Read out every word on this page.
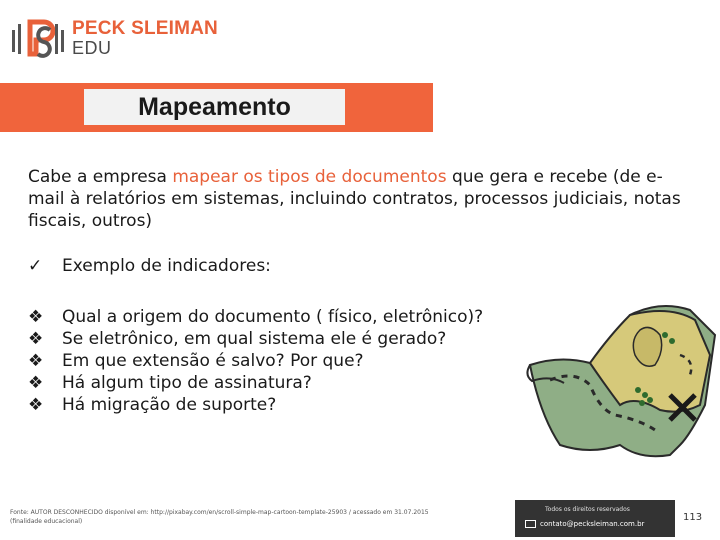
PECK SLEIMAN
EDU
Mapeamento
Cabe a empresa mapear os tipos de documentos que gera e recebe (de e-mail à relatórios em sistemas, incluindo contratos, processos judiciais, notas fiscais, outros)
✓ Exemplo de indicadores:
❖ Qual a origem do documento ( físico, eletrônico)?
❖ Se eletrônico, em qual sistema ele é gerado?
❖ Em que extensão é salvo? Por que?
❖ Há algum tipo de assinatura?
❖ Há migração de suporte?
Fonte: AUTOR DESCONHECIDO disponível em: http://pixabay.com/en/scroll-simple-map-cartoon-template-25903 / acessado em 31.07.2015 (finalidade educacional)
Todos os direitos reservados
contato@pecksleiman.com.br
113
